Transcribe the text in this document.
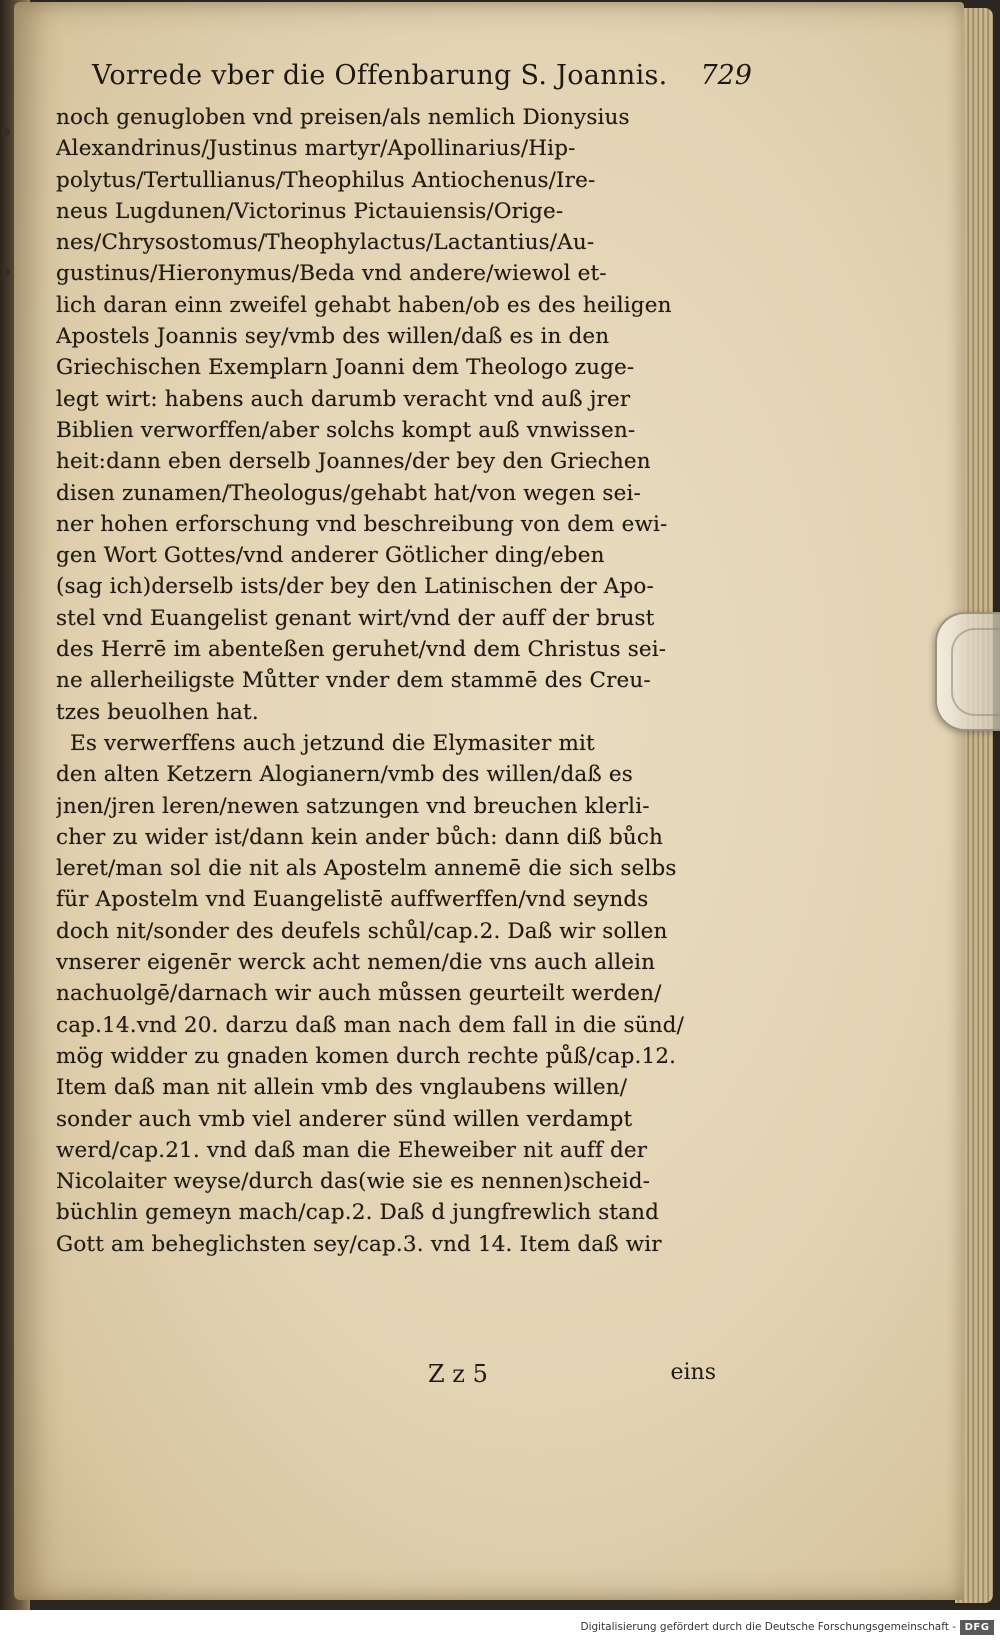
Vorrede vber die Offenbarung S. Joannis. 729
noch genugloben vnd preisen/als nemlich Dionysius
Alexandrinus/Justinus martyr/Apollinarius/Hip-
polytus/Tertullianus/Theophilus Antiochenus/Ire-
neus Lugdunen/Victorinus Pictauiensis/Orige-
nes/Chrysostomus/Theophylactus/Lactantius/Au-
gustinus/Hieronymus/Beda vnd andere/wiewol et-
lich daran einn zweifel gehabt haben/ob es des heiligen
Apostels Joannis sey/vmb des willen/daß es in den
Griechischen Exemplarn Joanni dem Theologo zuge-
legt wirt: habens auch darumb veracht vnd auß jrer
Biblien verworffen/aber solchs kompt auß vnwissen-
heit:dann eben derselb Joannes/der bey den Griechen
disen zunamen/Theologus/gehabt hat/von wegen sei-
ner hohen erforschung vnd beschreibung von dem ewi-
gen Wort Gottes/vnd anderer Götlicher ding/eben
(sag ich)derselb ists/der bey den Latinischen der Apo-
stel vnd Euangelist genant wirt/vnd der auff der brust
des Herrē im abenteßen geruhet/vnd dem Christus sei-
ne allerheiligste Můtter vnder dem stammē des Creu-
tzes beuolhen hat.
Es verwerffens auch jetzund die Elymasiter mit
den alten Ketzern Alogianern/vmb des willen/daß es
jnen/jren leren/newen satzungen vnd breuchen klerli-
cher zu wider ist/dann kein ander bůch: dann diß bůch
leret/man sol die nit als Apostelm annemē die sich selbs
für Apostelm vnd Euangelistē auffwerffen/vnd seynds
doch nit/sonder des deufels schůl/cap.2. Daß wir sollen
vnserer eigenēr werck acht nemen/die vns auch allein
nachuolgē/darnach wir auch můssen geurteilt werden/
cap.14.vnd 20. darzu daß man nach dem fall in die sünd/
mög widder zu gnaden komen durch rechte půß/cap.12.
Item daß man nit allein vmb des vnglaubens willen/
sonder auch vmb viel anderer sünd willen verdampt
werd/cap.21. vnd daß man die Eheweiber nit auff der
Nicolaiter weyse/durch das(wie sie es nennen)scheid-
büchlin gemeyn mach/cap.2. Daß d jungfrewlich stand
Gott am beheglichsten sey/cap.3. vnd 14. Item daß wir
Z z 5	eins
Digitalisierung gefördert durch die Deutsche Forschungsgemeinschaft - DFG
